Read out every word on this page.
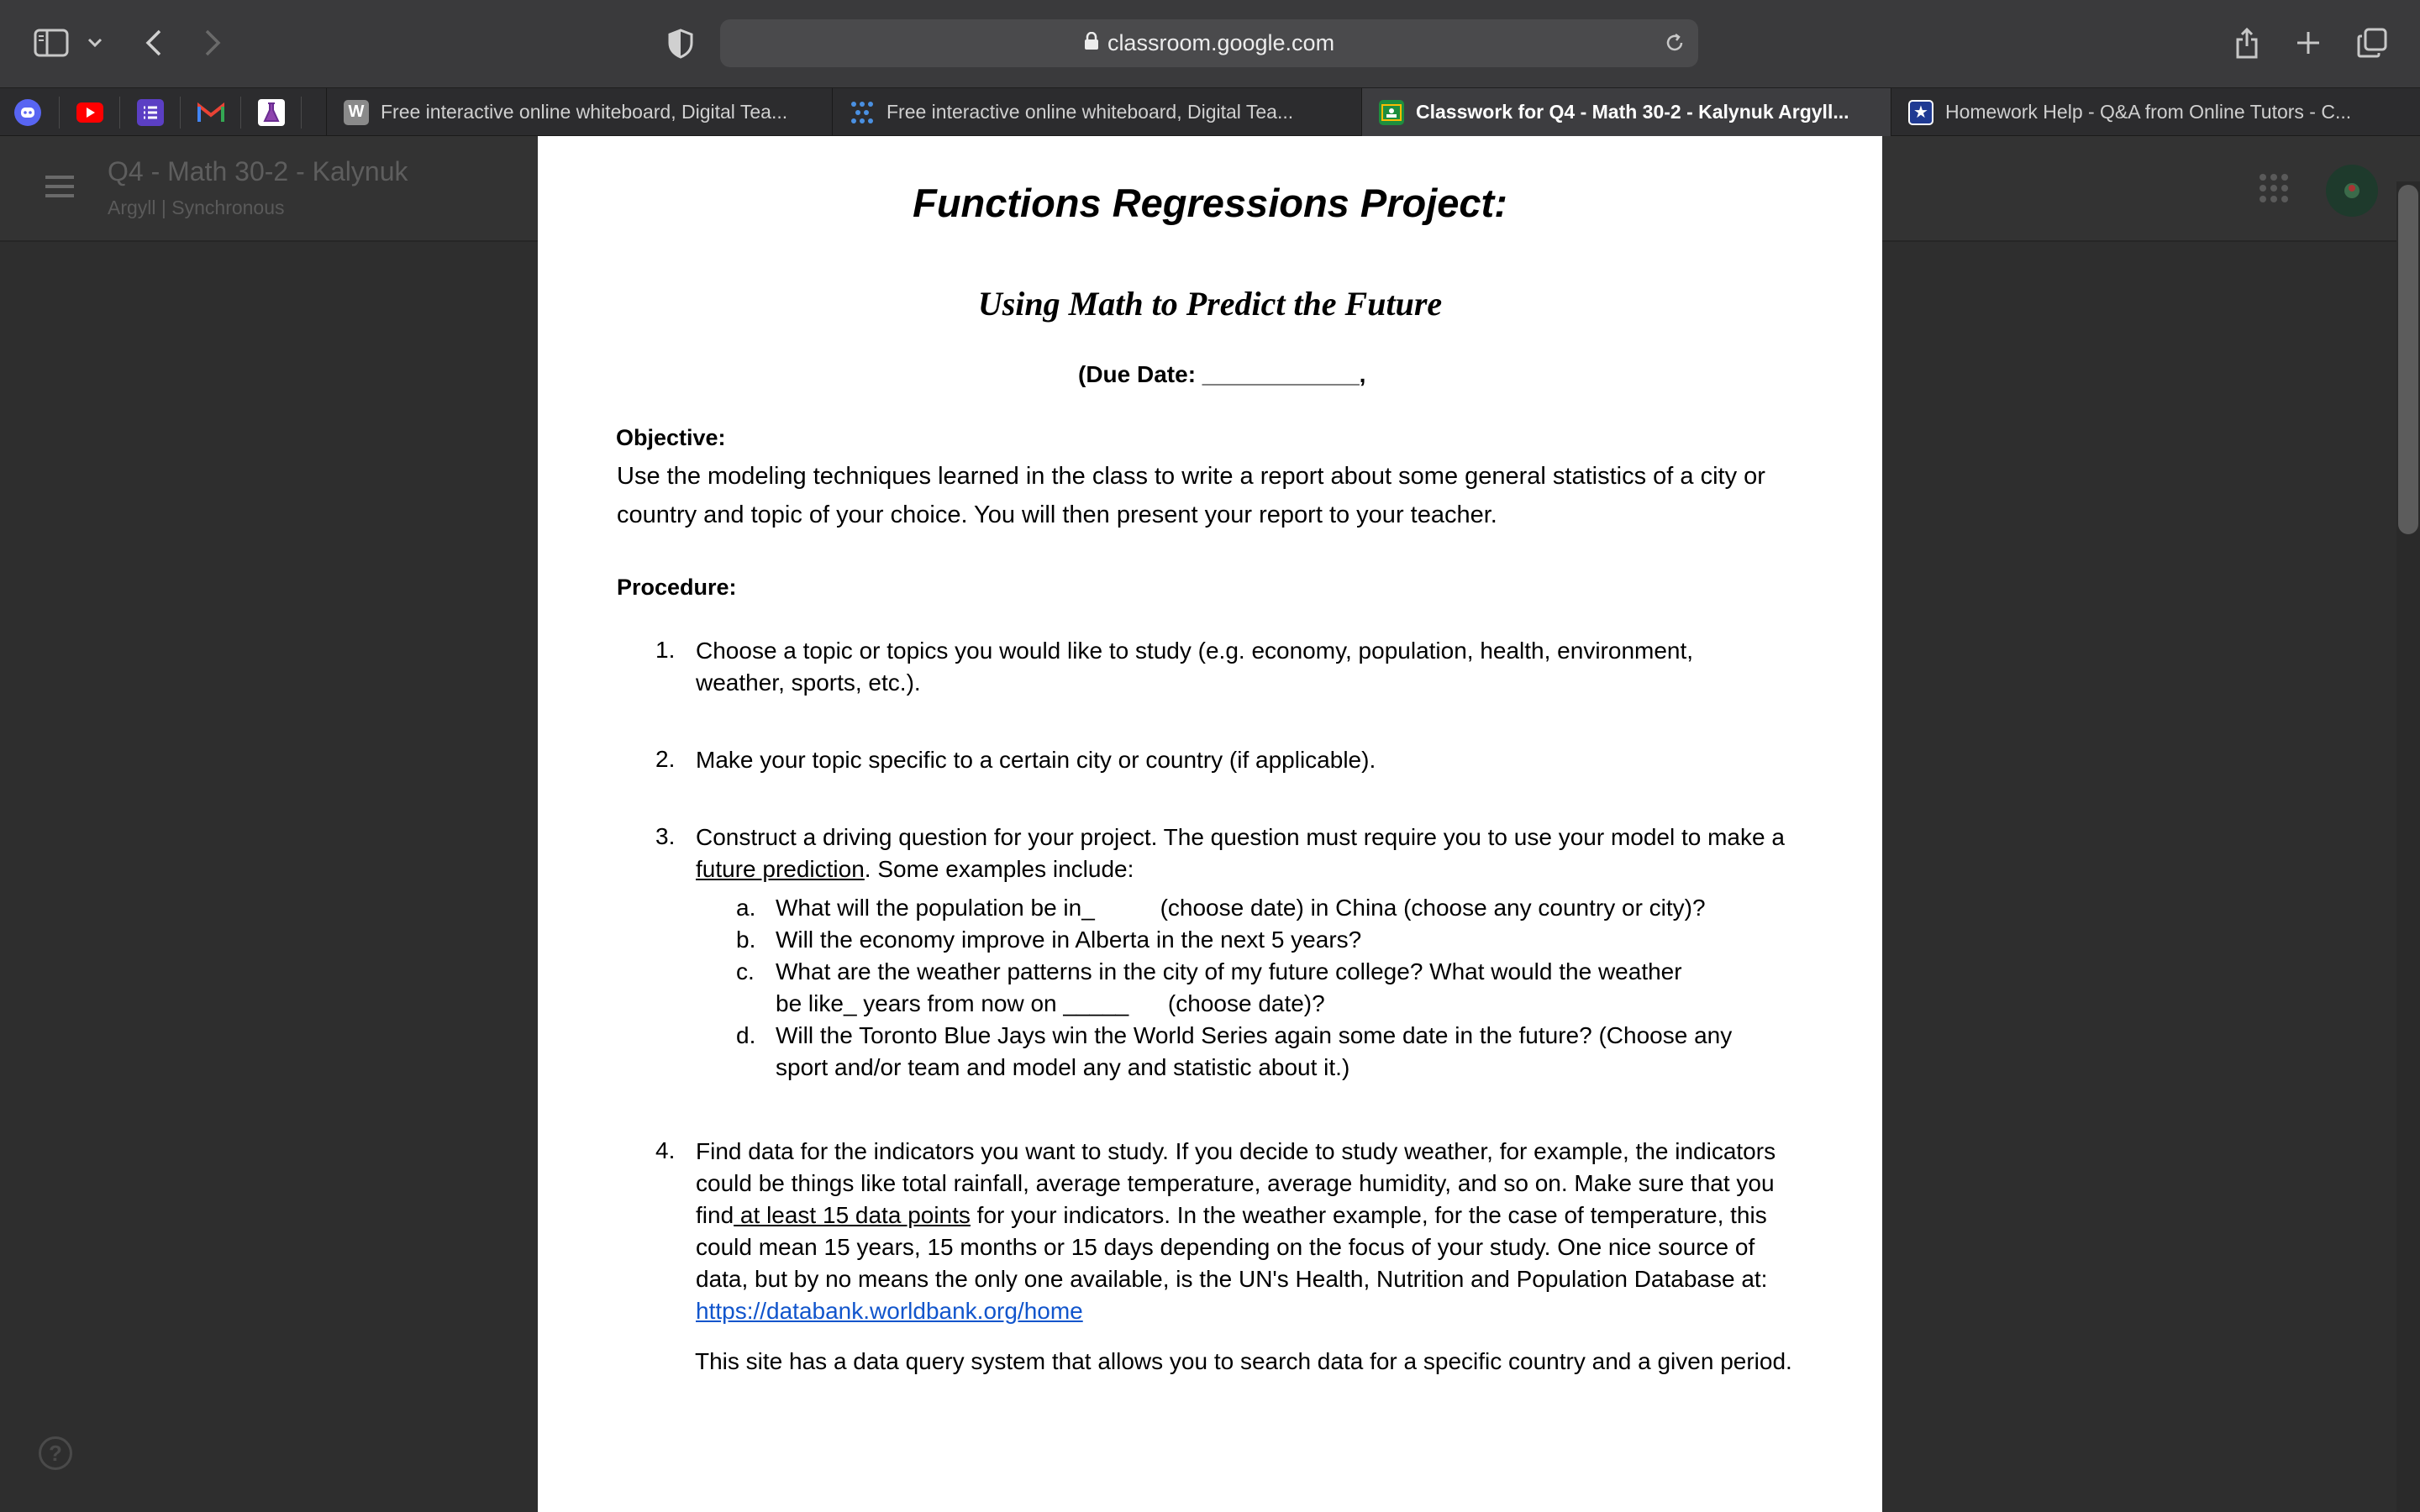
classroom.google.com
W Free interactive online whiteboard, Digital Tea...	Free interactive online whiteboard, Digital Tea...	Classwork for Q4 - Math 30-2 - Kalynuk Argyll...	★ Homework Help - Q&A from Online Tutors - C...
Q4 - Math 30-2 - Kalynuk
Argyll | Synchronous
?
Functions Regressions Project:
Using Math to Predict the Future
(Due Date: ____________,
Objective:
Use the modeling techniques learned in the class to write a report about some general statistics of a city or country and topic of your choice. You will then present your report to your teacher.
Procedure:
1. Choose a topic or topics you would like to study (e.g. economy, population, health, environment, weather, sports, etc.).
2. Make your topic specific to a certain city or country (if applicable).
3. Construct a driving question for your project. The question must require you to use your model to make a future prediction. Some examples include:
a. What will the population be in_          (choose date) in China (choose any country or city)?
b. Will the economy improve in Alberta in the next 5 years?
c. What are the weather patterns in the city of my future college? What would the weather be like_ years from now on _____      (choose date)?
d. Will the Toronto Blue Jays win the World Series again some date in the future? (Choose any sport and/or team and model any and statistic about it.)
4. Find data for the indicators you want to study. If you decide to study weather, for example, the indicators could be things like total rainfall, average temperature, average humidity, and so on. Make sure that you find at least 15 data points for your indicators. In the weather example, for the case of temperature, this could mean 15 years, 15 months or 15 days depending on the focus of your study. One nice source of data, but by no means the only one available, is the UN's Health, Nutrition and Population Database at:
https://databank.worldbank.org/home
This site has a data query system that allows you to search data for a specific country and a given period.
